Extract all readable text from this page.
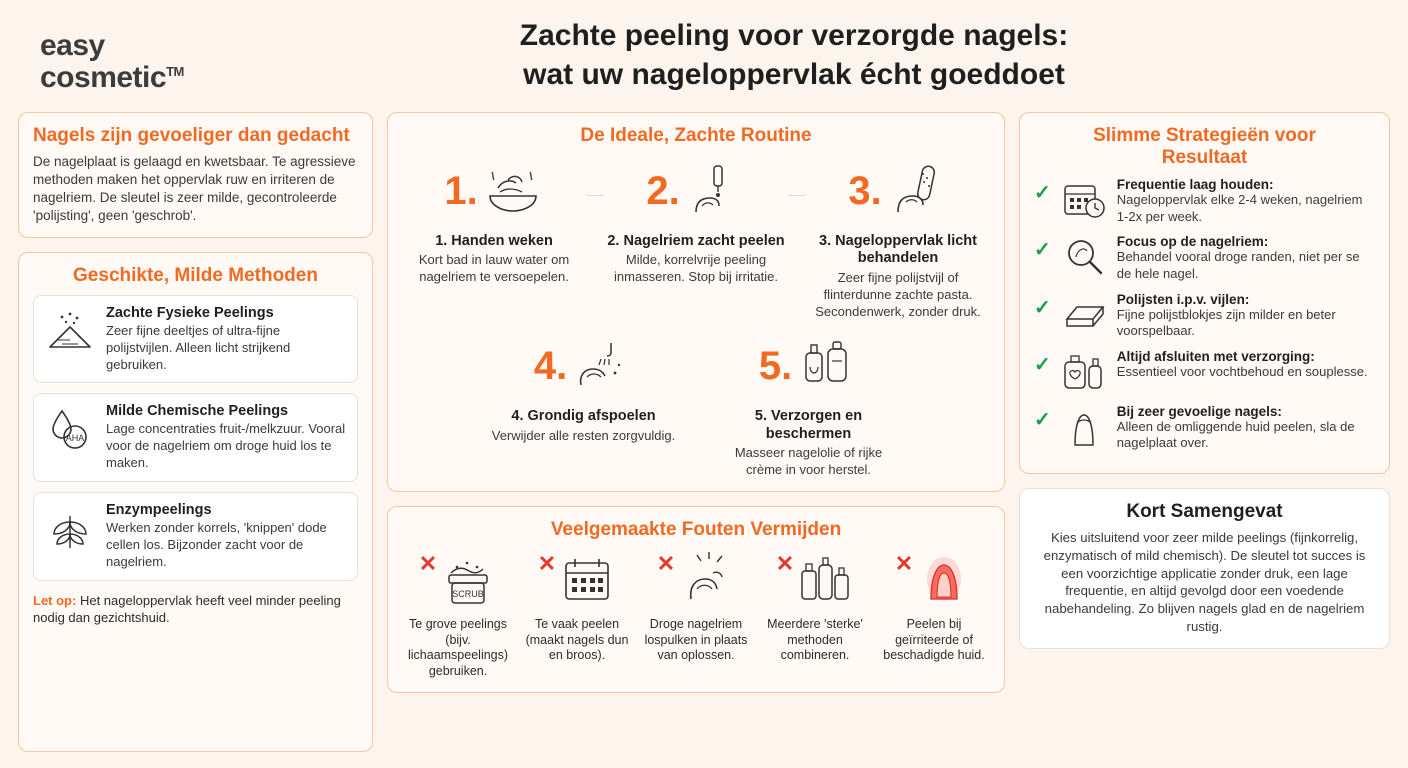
easy
cosmetic™
Zachte peeling voor verzorgde nagels:
wat uw nageloppervlak écht goeddoet
Nagels zijn gevoeliger dan gedacht
De nagelplaat is gelaagd en kwetsbaar. Te agressieve methoden maken het oppervlak ruw en irriteren de nagelriem. De sleutel is zeer milde, gecontroleerde 'polijsting', geen 'geschrob'.
Geschikte, Milde Methoden
Zachte Fysieke Peelings

Zeer fijne deeltjes of ultra-fijne polijstvijlen. Alleen licht strijkend gebruiken.

AHA
Milde Chemische Peelings

Lage concentraties fruit-/melkzuur. Vooral voor de nagelriem om droge huid los te maken.

Enzympeelings

Werken zonder korrels, 'knippen' dode cellen los. Bijzonder zacht voor de nagelriem.

Let op: Het nageloppervlak heeft veel minder peeling nodig dan gezichtshuid.
De Ideale, Zachte Routine
1.
1. Handen weken

Kort bad in lauw water om nagelriem te versoepelen.

2.
2. Nagelriem zacht peelen

Milde, korrelvrije peeling inmasseren. Stop bij irritatie.

3.
3. Nageloppervlak licht behandelen

Zeer fijne polijstvijl of flinterdunne zachte pasta. Secondenwerk, zonder druk.

4.
4. Grondig afspoelen

Verwijder alle resten zorgvuldig.

5.
5. Verzorgen en beschermen

Masseer nagelolie of rijke crème in voor herstel.

Veelgemaakte Fouten Vermijden
✕
SCRUB

Te grove peelings (bijv. lichaamspeelings) gebruiken.

✕

Te vaak peelen (maakt nagels dun en broos).

✕

Droge nagelriem lospulken in plaats van oplossen.

✕

Meerdere 'sterke' methoden combineren.

✕

Peelen bij geïrriteerde of beschadigde huid.

Slimme Strategieën voor
Resultaat
✓	Frequentie laag houden:

Nageloppervlak elke 2-4 weken, nagelriem 1-2x per week.

✓	Focus op de nagelriem:

Behandel vooral droge randen, niet per se de hele nagel.

✓	Polijsten i.p.v. vijlen:

Fijne polijstblokjes zijn milder en beter voorspelbaar.

✓	Altijd afsluiten met verzorging:

Essentieel voor vochtbehoud en souplesse.

✓	Bij zeer gevoelige nagels:

Alleen de omliggende huid peelen, sla de nagelplaat over.

Kort Samengevat

Kies uitsluitend voor zeer milde peelings (fijnkorrelig, enzymatisch of mild chemisch). De sleutel tot succes is een voorzichtige applicatie zonder druk, een lage frequentie, en altijd gevolgd door een voedende nabehandeling. Zo blijven nagels glad en de nagelriem rustig.
